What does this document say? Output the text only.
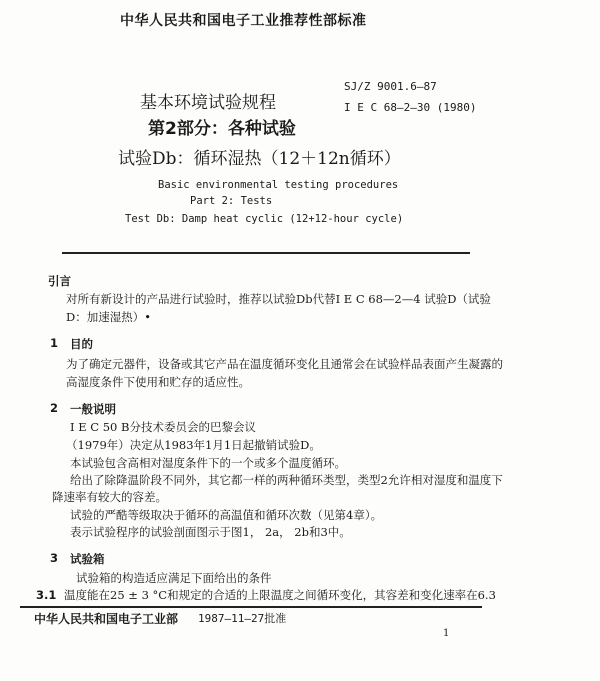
中华人民共和国电子工业推荐性部标准
基本环境试验规程
第2部分：各种试验
试验Db：循环湿热（12＋12n循环）
SJ/Z 9001.6—87
I E C 68—2—30 (1980)
Basic environmental testing procedures
Part 2: Tests
Test Db: Damp heat cyclic (12+12-hour cycle)
引言
对所有新设计的产品进行试验时，推荐以试验Db代替I E C 68—2—4 试验D（试验
D：加速湿热）•
1 目的
为了确定元器件，设备或其它产品在温度循环变化且通常会在试验样品表面产生凝露的
高湿度条件下使用和贮存的适应性。
2 一般说明
I E C 50 B分技术委员会的巴黎会议
（1979年）决定从1983年1月1日起撤销试验D。
本试验包含高相对湿度条件下的一个或多个温度循环。
给出了除降温阶段不同外，其它都一样的两种循环类型，类型2允许相对湿度和温度下
降速率有较大的容差。
试验的严酷等级取决于循环的高温值和循环次数（见第4章）。
表示试验程序的试验剖面图示于图1， 2a， 2b和3中。
3 试验箱
试验箱的构造适应满足下面给出的条件
3.1 温度能在25 ± 3 °C和规定的合适的上限温度之间循环变化，其容差和变化速率在6.3
中华人民共和国电子工业部 1987—11—27批准
1
